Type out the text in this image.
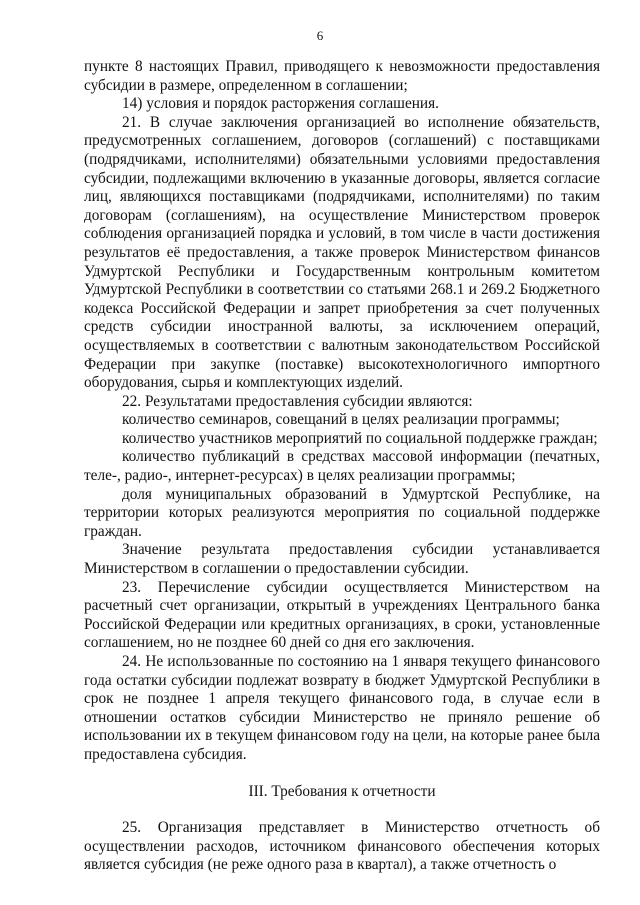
6

пункте 8 настоящих Правил, приводящего к невозможности предоставления субсидии в размере, определенном в соглашении;

14) условия и порядок расторжения соглашения.

21. В случае заключения организацией во исполнение обязательств, предусмотренных соглашением, договоров (соглашений) с поставщиками (подрядчиками, исполнителями) обязательными условиями предоставления субсидии, подлежащими включению в указанные договоры, является согласие лиц, являющихся поставщиками (подрядчиками, исполнителями) по таким договорам (соглашениям), на осуществление Министерством проверок соблюдения организацией порядка и условий, в том числе в части достижения результатов её предоставления, а также проверок Министерством финансов Удмуртской Республики и Государственным контрольным комитетом Удмуртской Республики в соответствии со статьями 268.1 и 269.2 Бюджетного кодекса Российской Федерации и запрет приобретения за счет полученных средств субсидии иностранной валюты, за исключением операций, осуществляемых в соответствии с валютным законодательством Российской Федерации при закупке (поставке) высокотехнологичного импортного оборудования, сырья и комплектующих изделий.

22. Результатами предоставления субсидии являются:

количество семинаров, совещаний в целях реализации программы;

количество участников мероприятий по социальной поддержке граждан;

количество публикаций в средствах массовой информации (печатных, теле-, радио-, интернет-ресурсах) в целях реализации программы;

доля муниципальных образований в Удмуртской Республике, на территории которых реализуются мероприятия по социальной поддержке граждан.

Значение результата предоставления субсидии устанавливается Министерством в соглашении о предоставлении субсидии.

23. Перечисление субсидии осуществляется Министерством на расчетный счет организации, открытый в учреждениях Центрального банка Российской Федерации или кредитных организациях, в сроки, установленные соглашением, но не позднее 60 дней со дня его заключения.

24. Не использованные по состоянию на 1 января текущего финансового года остатки субсидии подлежат возврату в бюджет Удмуртской Республики в срок не позднее 1 апреля текущего финансового года, в случае если в отношении остатков субсидии Министерство не приняло решение об использовании их в текущем финансовом году на цели, на которые ранее была предоставлена субсидия.

III. Требования к отчетности

25. Организация представляет в Министерство отчетность об осуществлении расходов, источником финансового обеспечения которых является субсидия (не реже одного раза в квартал), а также отчетность о
